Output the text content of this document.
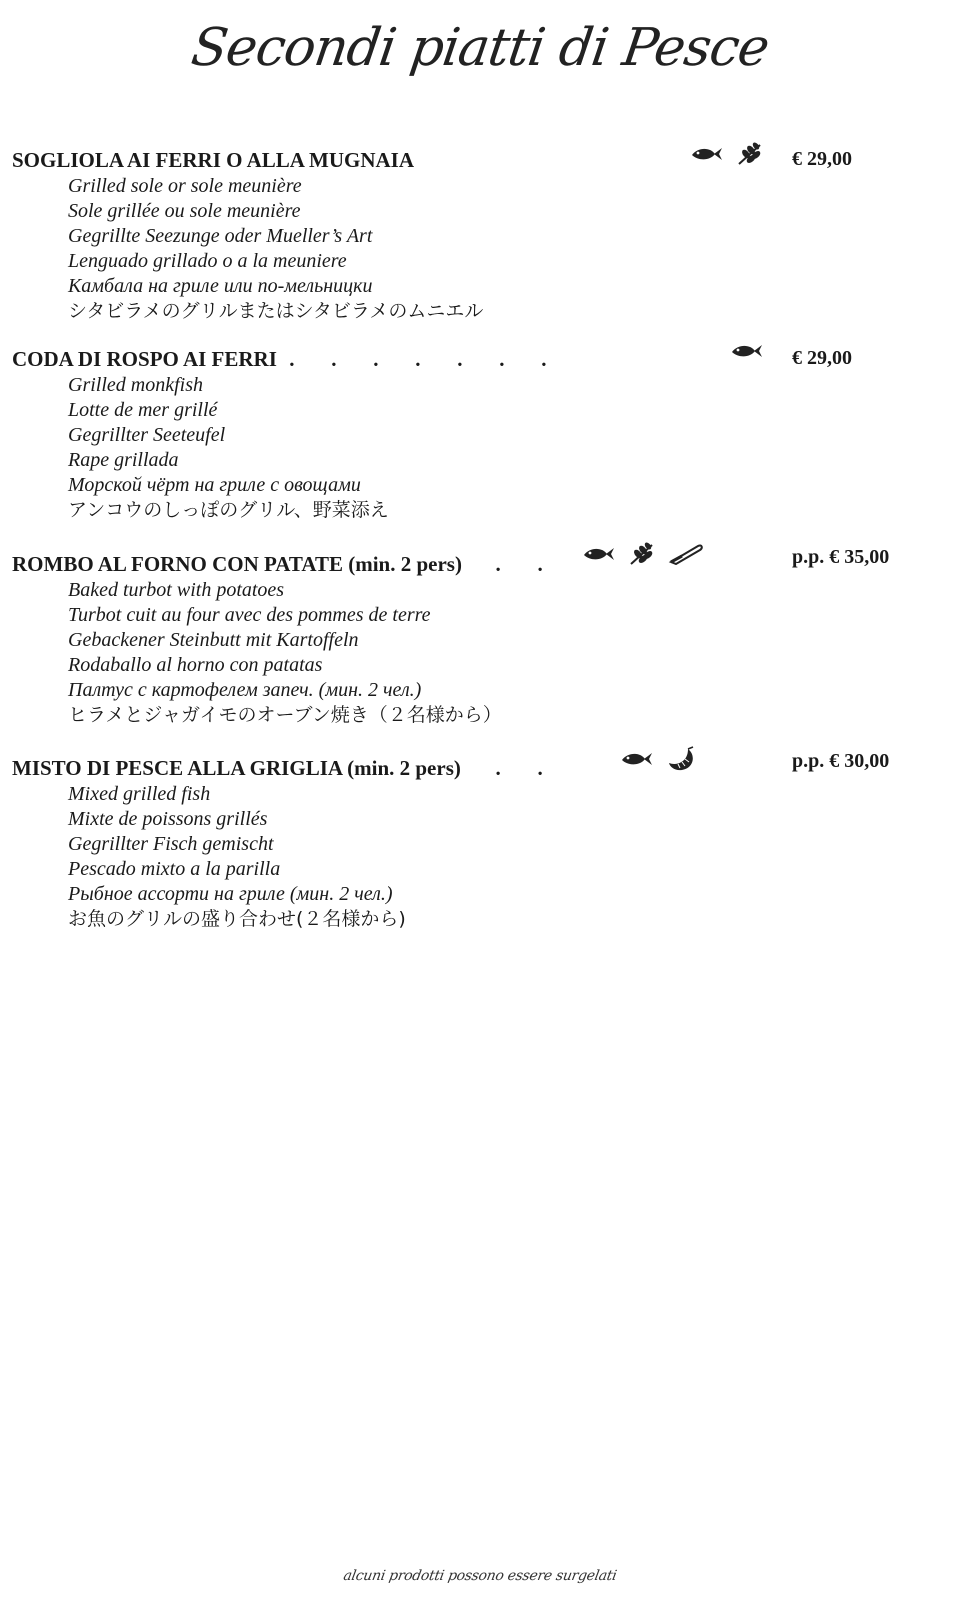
Secondi piatti di Pesce
SOGLIOLA AI FERRI O ALLA MUGNAIA	€ 29,00
Grilled sole or sole meunière
Sole grillée ou sole meunière
Gegrillte Seezunge oder Mueller’s Art
Lenguado grillado o a la meuniere
Камбала на гриле или по-мельницки
シタビラメのグリルまたはシタビラメのムニエル
CODA DI ROSPO AI FERRI .       .       .       .       .       .       .	€ 29,00
Grilled monkfish
Lotte de mer grillé
Gegrillter Seeteufel
Rape grillada
Морской чёрт на гриле с овощами
アンコウのしっぽのグリル、野菜添え
ROMBO AL FORNO CON PATATE (min. 2 pers) .       .	p.p. € 35,00
Baked turbot with potatoes
Turbot cuit au four avec des pommes de terre
Gebackener Steinbutt mit Kartoffeln
Rodaballo al horno con patatas
Палтус с картофелем запеч. (мин. 2 чел.)
ヒラメとジャガイモのオーブン焼き（２名様から）
MISTO DI PESCE ALLA GRIGLIA (min. 2 pers) .       .	p.p. € 30,00
Mixed grilled fish
Mixte de poissons grillés
Gegrillter Fisch gemischt
Pescado mixto a la parilla
Рыбное ассорти на гриле (мин. 2 чел.)
お魚のグリルの盛り合わせ(２名様から)
alcuni prodotti possono essere surgelati
